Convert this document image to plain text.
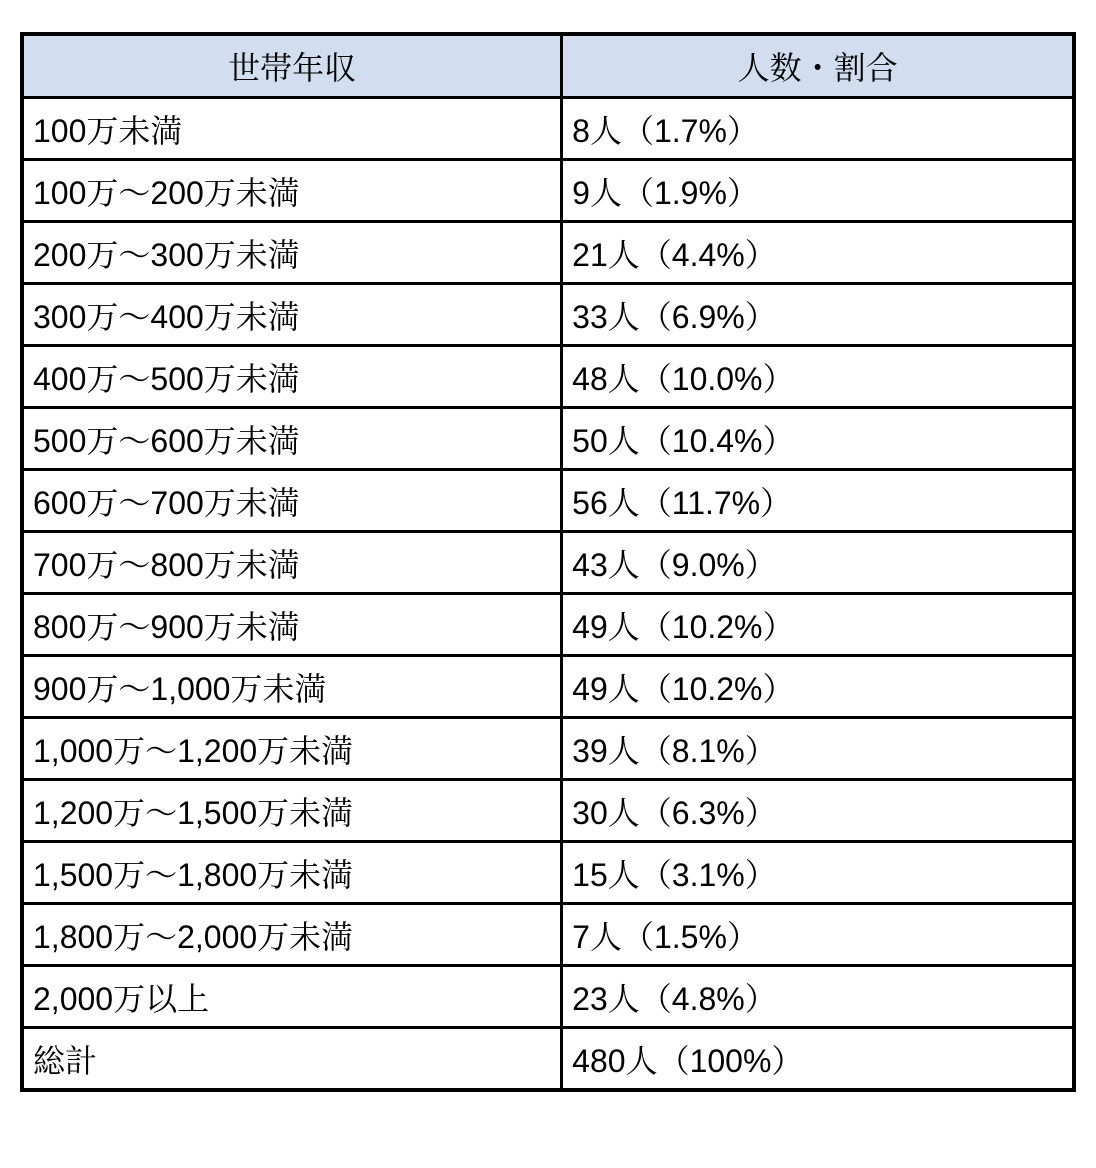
世帯年収	人数・割合
100万未満	8人（1.7%）
100万〜200万未満	9人（1.9%）
200万〜300万未満	21人（4.4%）
300万〜400万未満	33人（6.9%）
400万〜500万未満	48人（10.0%）
500万〜600万未満	50人（10.4%）
600万〜700万未満	56人（11.7%）
700万〜800万未満	43人（9.0%）
800万〜900万未満	49人（10.2%）
900万〜1,000万未満	49人（10.2%）
1,000万〜1,200万未満	39人（8.1%）
1,200万〜1,500万未満	30人（6.3%）
1,500万〜1,800万未満	15人（3.1%）
1,800万〜2,000万未満	7人（1.5%）
2,000万以上	23人（4.8%）
総計	480人（100%）
